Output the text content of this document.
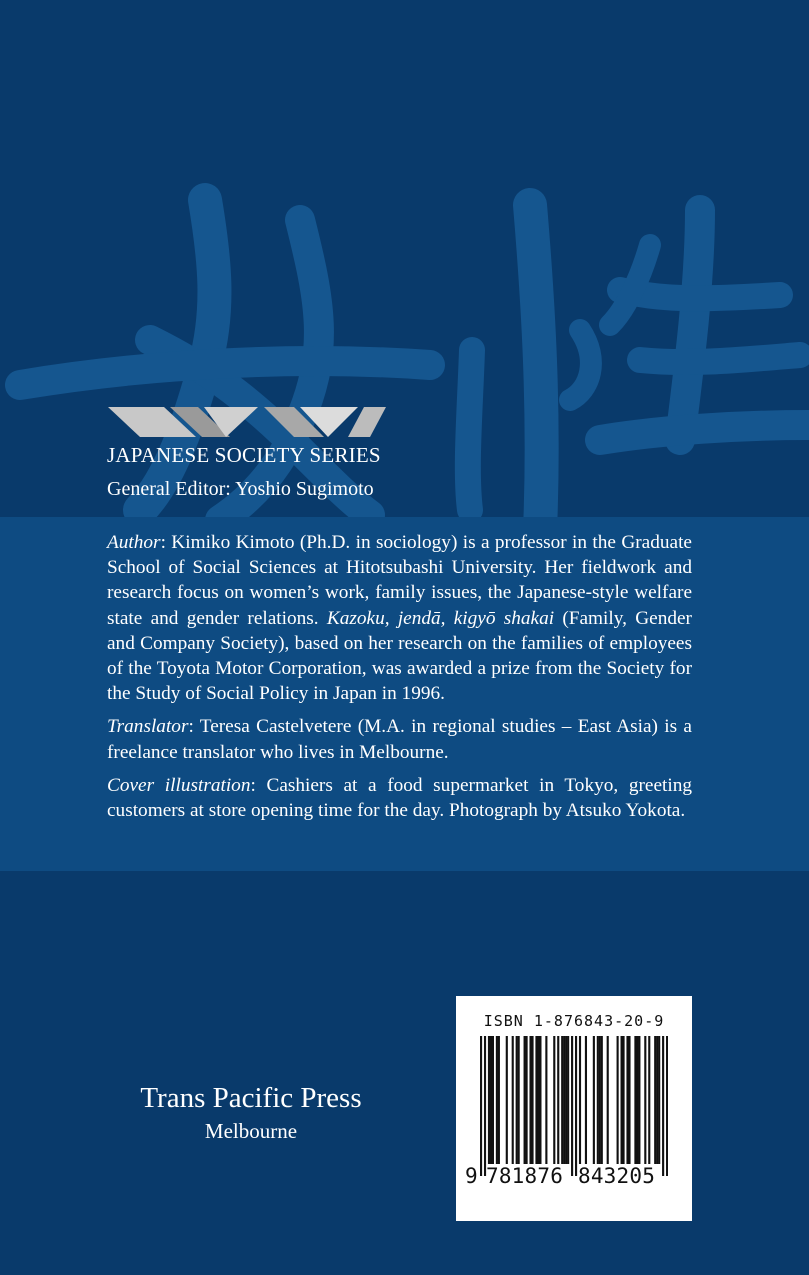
JAPANESE SOCIETY SERIES
General Editor: Yoshio Sugimoto

Author: Kimiko Kimoto (Ph.D. in sociology) is a professor in the Graduate School of Social Sciences at Hitotsubashi University. Her fieldwork and research focus on women’s work, family issues, the Japanese-style welfare state and gender relations. Kazoku, jendā, kigyō shakai (Family, Gender and Company Society), based on her research on the families of employees of the Toyota Motor Corporation, was awarded a prize from the Society for the Study of Social Policy in Japan in 1996.

Translator: Teresa Castelvetere (M.A. in regional studies – East Asia) is a freelance translator who lives in Melbourne.

Cover illustration: Cashiers at a food supermarket in Tokyo, greeting customers at store opening time for the day. Photograph by Atsuko Yokota.

Trans Pacific Press
Melbourne
ISBN 1-876843-20-9
9 781876 843205
